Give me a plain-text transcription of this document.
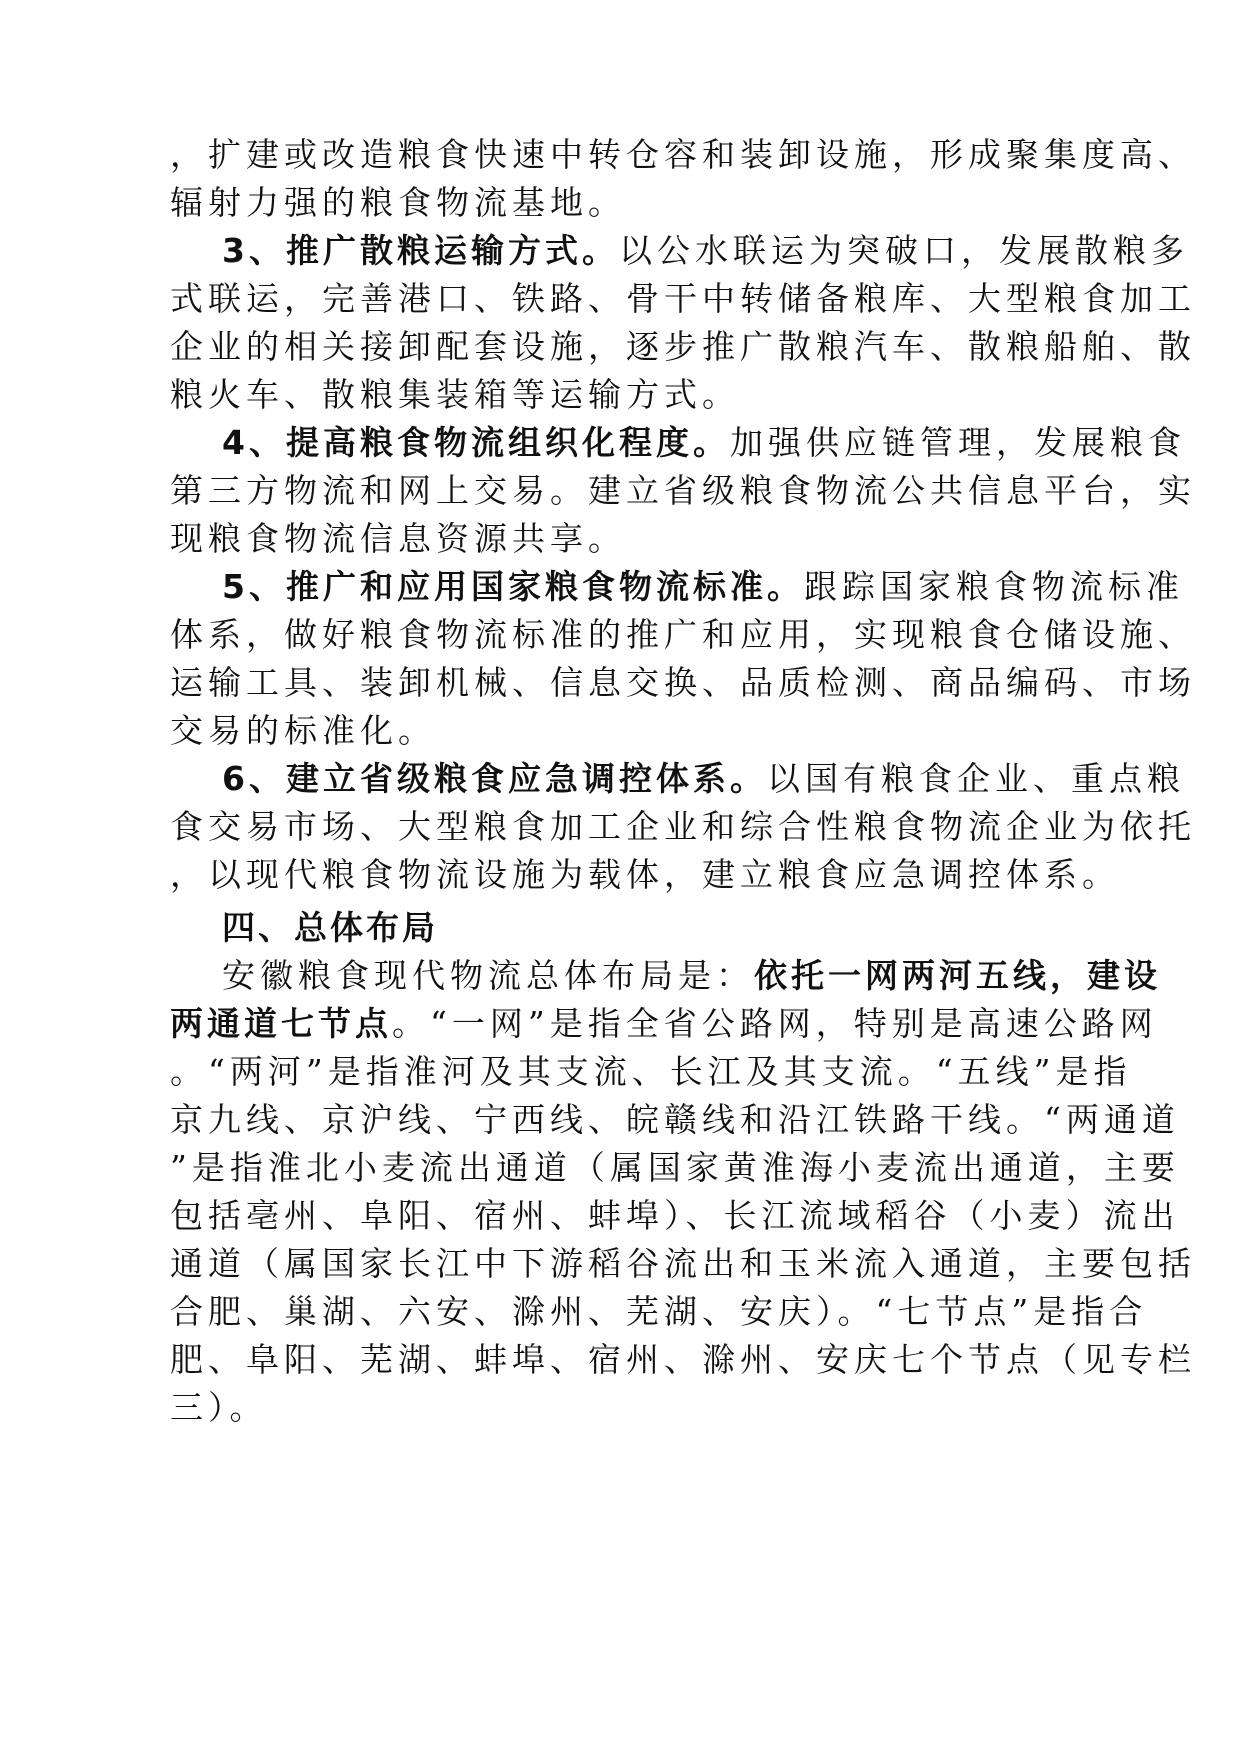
，扩建或改造粮食快速中转仓容和装卸设施，形成聚集度高、
辐射力强的粮食物流基地。
3、推广散粮运输方式。以公水联运为突破口，发展散粮多
式联运，完善港口、铁路、骨干中转储备粮库、大型粮食加工
企业的相关接卸配套设施，逐步推广散粮汽车、散粮船舶、散
粮火车、散粮集装箱等运输方式。
4、提高粮食物流组织化程度。加强供应链管理，发展粮食
第三方物流和网上交易。建立省级粮食物流公共信息平台，实
现粮食物流信息资源共享。
5、推广和应用国家粮食物流标准。跟踪国家粮食物流标准
体系，做好粮食物流标准的推广和应用，实现粮食仓储设施、
运输工具、装卸机械、信息交换、品质检测、商品编码、市场
交易的标准化。
6、建立省级粮食应急调控体系。以国有粮食企业、重点粮
食交易市场、大型粮食加工企业和综合性粮食物流企业为依托
，以现代粮食物流设施为载体，建立粮食应急调控体系。
四、总体布局
安徽粮食现代物流总体布局是：依托一网两河五线，建设
两通道七节点。“一网”是指全省公路网，特别是高速公路网
。“两河”是指淮河及其支流、长江及其支流。“五线”是指
京九线、京沪线、宁西线、皖赣线和沿江铁路干线。“两通道
”是指淮北小麦流出通道（属国家黄淮海小麦流出通道，主要
包括亳州、阜阳、宿州、蚌埠）、长江流域稻谷（小麦）流出
通道（属国家长江中下游稻谷流出和玉米流入通道，主要包括
合肥、巢湖、六安、滁州、芜湖、安庆）。“七节点”是指合
肥、阜阳、芜湖、蚌埠、宿州、滁州、安庆七个节点（见专栏
三）。
